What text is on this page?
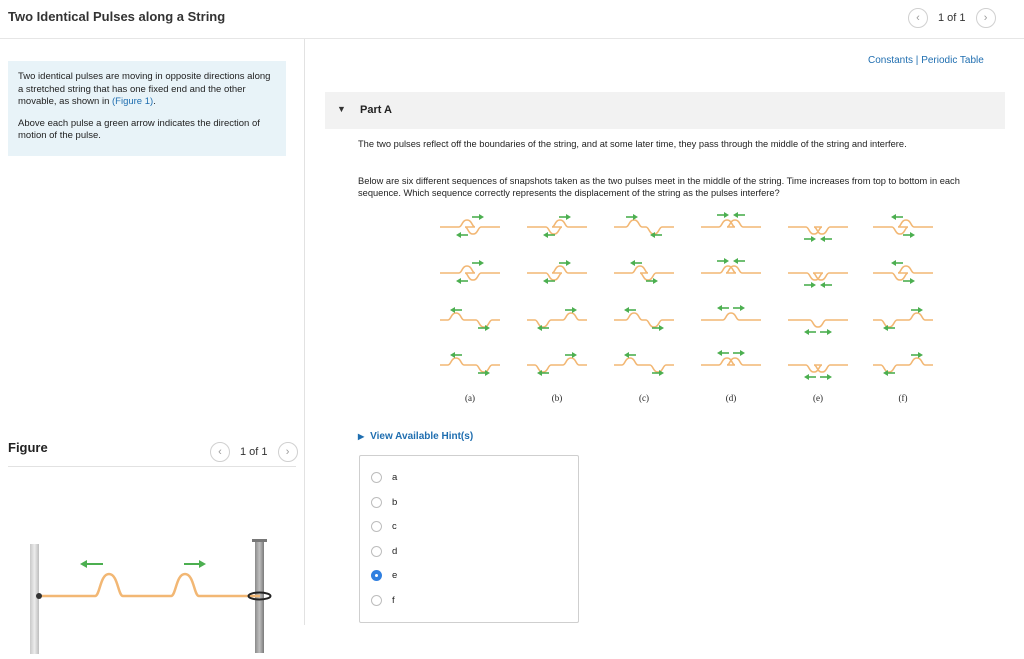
Two Identical Pulses along a String	‹ 1 of 1 ›

Two identical pulses are moving in opposite directions along a stretched string that has one fixed end and the other movable, as shown in (Figure 1).

Above each pulse a green arrow indicates the direction of motion of the pulse.

Figure	‹ 1 of 1 ›
Constants | Periodic Table
▼ Part A
The two pulses reflect off the boundaries of the string, and at some later time, they pass through the middle of the string and interfere.
Below are six different sequences of snapshots taken as the two pulses meet in the middle of the string. Time increases from top to bottom in each sequence. Which sequence correctly represents the displacement of the string as the pulses interfere?
(a)	(b)	(c)	(d)	(e)	(f)
▶ View Available Hint(s)
a
b
c
d
e
f
